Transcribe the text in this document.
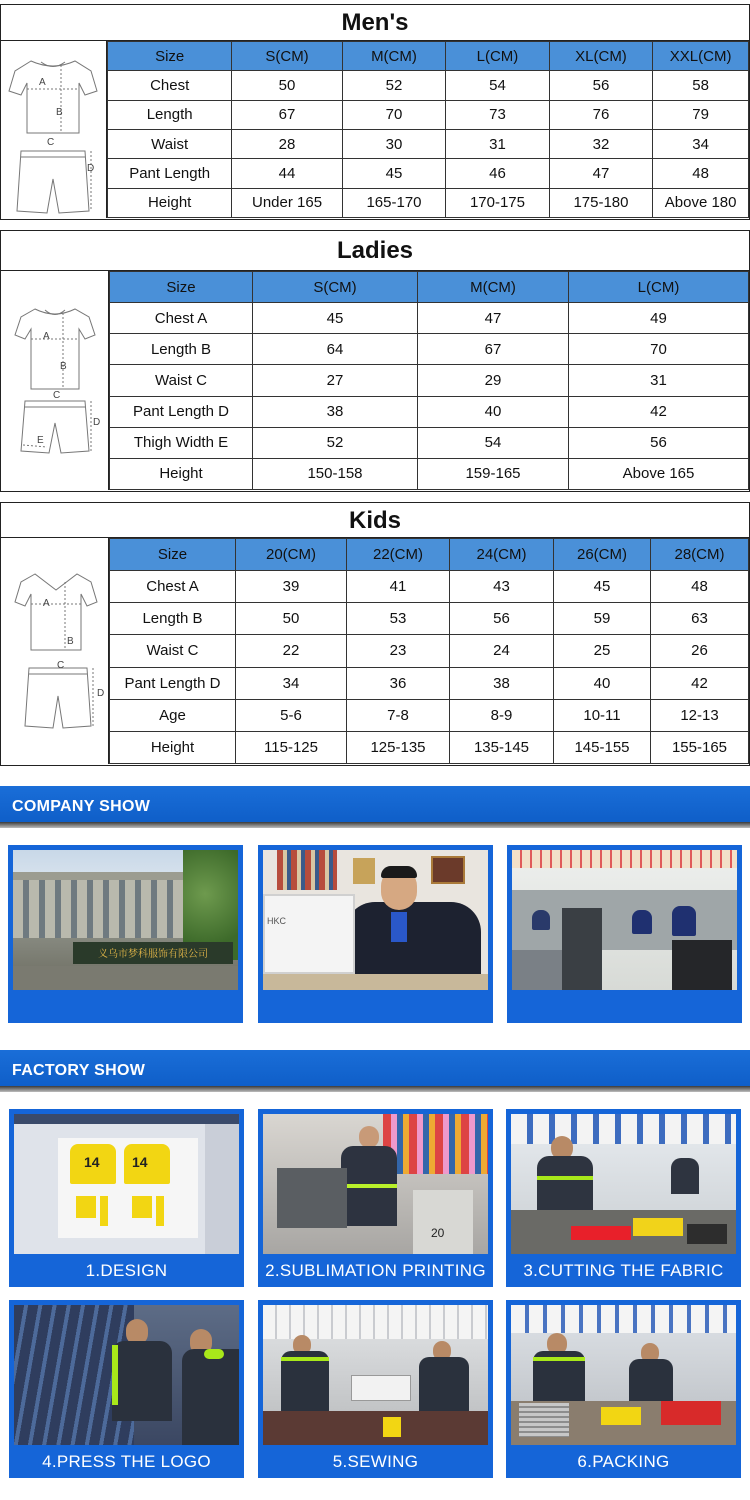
Men's
A
B
C
D
Size	S(CM)	M(CM)	L(CM)	XL(CM)	XXL(CM)
Chest	50	52	54	56	58
Length	67	70	73	76	79
Waist	28	30	31	32	34
Pant Length	44	45	46	47	48
Height	Under 165	165-170	170-175	175-180	Above 180
Ladies
A
B
C
D
E
Size	S(CM)	M(CM)	L(CM)
Chest A	45	47	49
Length B	64	67	70
Waist C	27	29	31
Pant Length D	38	40	42
Thigh Width E	52	54	56
Height	150-158	159-165	Above 165
Kids
A
B
C
D
Size	20(CM)	22(CM)	24(CM)	26(CM)	28(CM)
Chest A	39	41	43	45	48
Length B	50	53	56	59	63
Waist C	22	23	24	25	26
Pant Length D	34	36	38	40	42
Age	5-6	7-8	8-9	10-11	12-13
Height	115-125	125-135	135-145	145-155	155-165
COMPANY SHOW
义乌市梦科服饰有限公司
HKC
FACTORY SHOW
14 14
1.DESIGN
20
2.SUBLIMATION PRINTING	3.CUTTING THE FABRIC
4.PRESS THE LOGO	5.SEWING	6.PACKING
